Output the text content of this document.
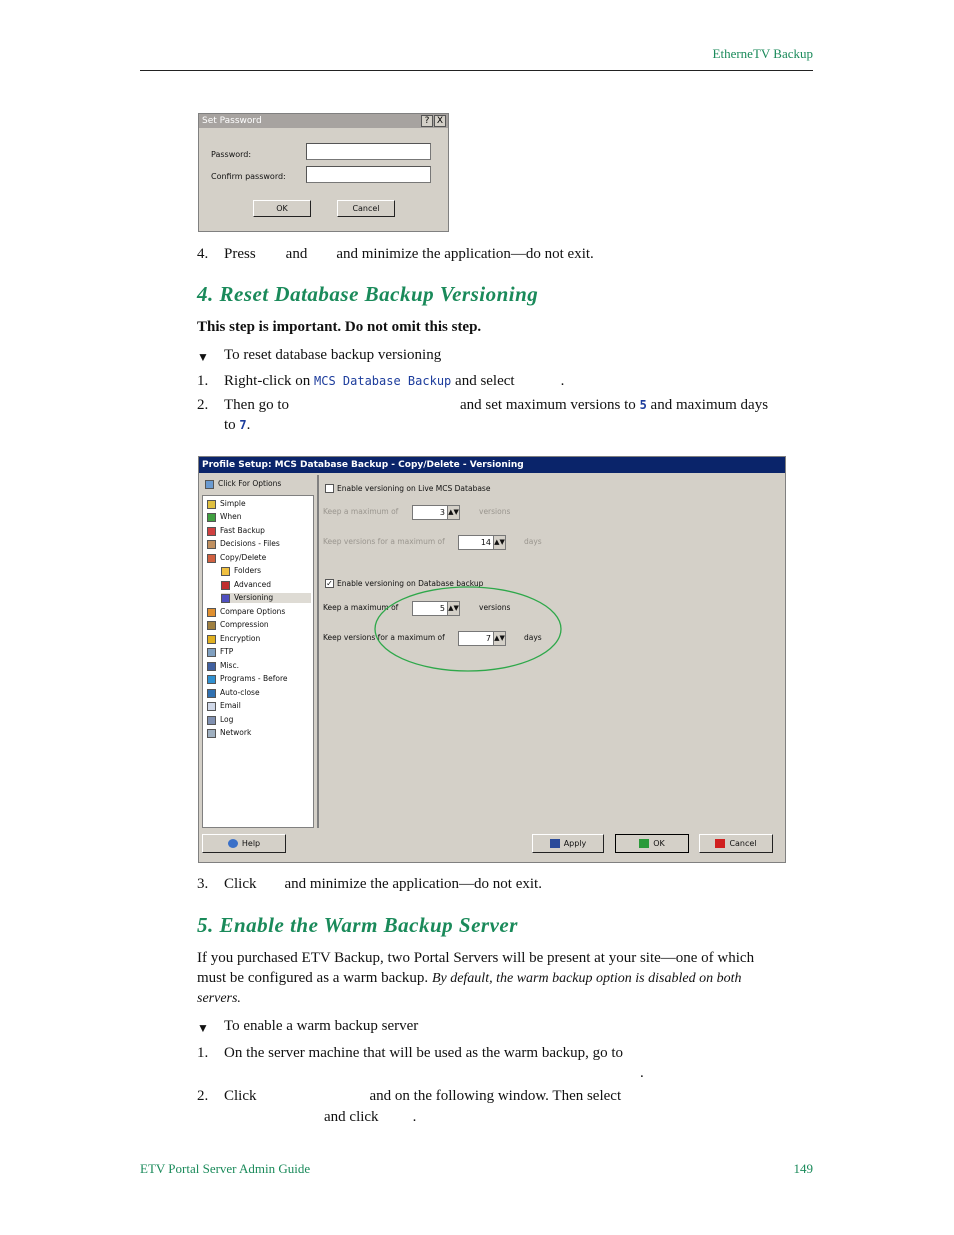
EtherneTV Backup
Set Password	? X
Password:
Confirm password:
OK	Cancel
4. Press and and minimize the application—do not exit.
4. Reset Database Backup Versioning
This step is important. Do not omit this step.
▼ To reset database backup versioning
1. Right-click on MCS Database Backup and select	.
2. Then go to	and set maximum versions to 5 and maximum days
to 7.
Profile Setup: MCS Database Backup - Copy/Delete - Versioning
Click For Options
Simple
When
Fast Backup
Decisions - Files
Copy/Delete
Folders
Advanced
Versioning
Compare Options
Compression
Encryption
FTP
Misc.
Programs - Before
Auto-close
Email
Log
Network
Enable versioning on Live MCS Database
Keep a maximum of	3 ▲▼	versions
Keep versions for a maximum of	14 ▲▼	days
✓ Enable versioning on Database backup
Keep a maximum of	5 ▲▼	versions
Keep versions for a maximum of	7 ▲▼	days
Help	Apply	OK	Cancel
3. Click and minimize the application—do not exit.
5. Enable the Warm Backup Server
If you purchased ETV Backup, two Portal Servers will be present at your site—one of which
must be configured as a warm backup. By default, the warm backup option is disabled on both
servers.
▼ To enable a warm backup server
1. On the server machine that will be used as the warm backup, go to
.
2. Click	and on the following window. Then select
and click .
ETV Portal Server Admin Guide	149
